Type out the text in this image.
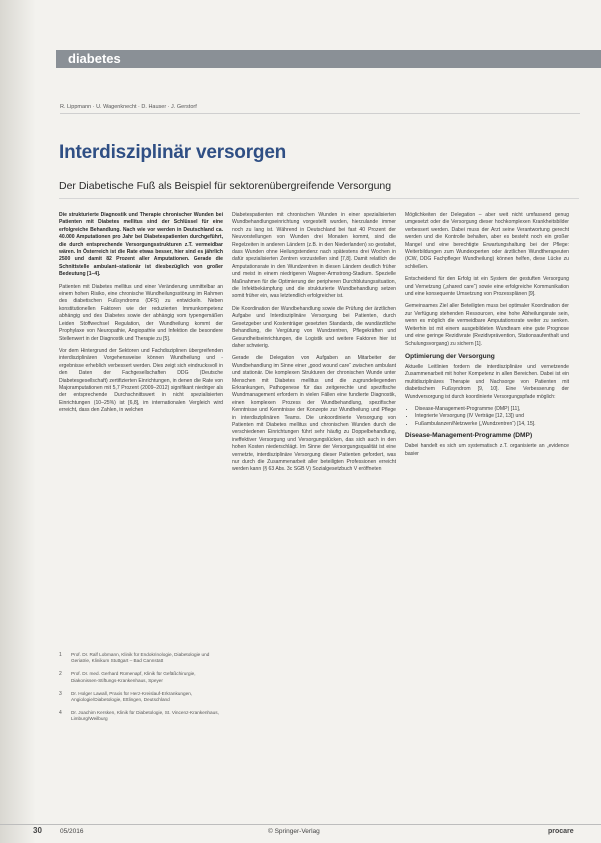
diabetes
R. Lippmann · U. Wagenknecht · D. Hauser · J. Gerstorf
Interdisziplinär versorgen
Der Diabetische Fuß als Beispiel für sektorenübergreifende Versorgung

Die strukturierte Diagnostik und Therapie chronischer Wunden bei Patienten mit Diabetes mellitus sind der Schlüssel für eine erfolgreiche Behandlung. Nach wie vor werden in Deutschland ca. 40.000 Amputationen pro Jahr bei Diabetespatienten durchgeführt, die durch entsprechende Versorgungsstrukturen z.T. vermeidbar wären. In Österreich ist die Rate etwas besser, hier sind es jährlich 2500 und damit 82 Prozent aller Amputationen. Gerade die Schnittstelle ambulant–stationär ist diesbezüglich von großer Bedeutung [1–4].

Patienten mit Diabetes mellitus und einer Veränderung unmittelbar an einem hohen Risiko, eine chronische Wundheilungsstörung im Rahmen des diabetischen Fußsyndroms (DFS) zu entwickeln. Neben konstitutionellen Faktoren wie der reduzierten Immunkompetenz abhängig und des Diabetes sowie der abhängig vom typengemäßen Leiden Stoffwechsel Regulation, der Wundheilung kommt der Prophylaxe von Neuropathie, Angiopathie und Infektion die besondere Stellenwert in der Diagnostik und Therapie zu [5].

Vor dem Hintergrund der Sektoren und Fachdisziplinen übergreifenden interdisziplinären Vorgehensweise können Wundheilung und -ergebnisse erheblich verbessert werden. Dies zeigt sich eindrucksvoll in den Daten der Fachgesellschaften DDG (Deutsche Diabetesgesellschaft) zertifizierten Einrichtungen, in denen die Rate von Majoramputationen mit 5,7 Prozent (2009–2012) signifikant niedriger als der entsprechende Durchschnittswert in nicht spezialisierten Einrichtungen (10–25%) ist [6,8], im internationalen Vergleich wird erreicht, dass den Zahlen, in welchen

Diabetespatienten mit chronischen Wunden in einer spezialisierten Wundbehandlungseinrichtung vorgestellt wurden, hierzulande immer noch zu lang ist. Während in Deutschland bei fast 40 Prozent der Neuvorstellungen von Wunden drei Monaten kommt, sind die Regelzeiten in anderen Ländern (z.B. in den Niederlanden) so gestaltet, dass Wunden ohne Heilungstendenz nach spätestens drei Wochen in dafür spezialisierten Zentren vorzustellen sind [7,8]. Damit relatlich die Amputationsrate in den Wundzentren in diesen Ländern deutlich früher und meist in einem niedrigeren Wagner-Armstrong-Stadium. Spezielle Maßnahmen für die Optimierung der peripheren Durchblutungssituation, die Infektbekämpfung und die strukturierte Wundbehandlung setzen somit früher ein, was letztendlich erfolgreicher ist.

Die Koordination der Wundbehandlung sowie die Prüfung der ärztlichen Aufgabe und Interdisziplinäre Versorgung bei Patienten, durch Gesetzgeber und Kostenträger gesetzten Standards, die wundärztliche Behandlung, die Vergütung von Wundzentren, Pflegekräften und Gesundheitseinrichtungen, die Logistik und weitere Faktoren hier ist daher schwierig.

Gerade die Delegation von Aufgaben an Mitarbeiter der Wundbehandlung im Sinne einer „good wound care“ zwischen ambulant und stationär. Die komplexen Strukturen der chronischen Wunde unter Menschen mit Diabetes mellitus und die zugrundeliegenden Erkrankungen, Pathogenese für das zeitgerechte und spezifische Wundmanagement erfordern in vielen Fällen eine fundierte Diagnostik, einen komplexen Prozess der Wundbehandlung, spezifischer Kenntnisse und Kenntnisse der Konzepte zur Wundheilung und Pflege in interdisziplinären Teams. Die unkoordinierte Versorgung von Patienten mit Diabetes mellitus und chronischen Wunden durch die verschiedenen Einrichtungen führt sehr häufig zu Doppelbehandlung, ineffektiver Versorgung und Versorgungslücken, das sich auch in den hohen Kosten niederschlägt. Im Sinne der Versorgungsqualität ist eine vernetzte, interdisziplinäre Versorgung dieser Patienten gefordert, was nur durch die Zusammenarbeit aller beteiligten Professionen erreicht werden kann (§ 63 Abs. 3c SGB V) Sozialgesetzbuch V eröffneten

Möglichkeiten der Delegation – aber weit nicht umfassend genug umgesetzt oder die Versorgung dieser hochkomplexen Krankheitsbilder verbessert werden. Dabei muss der Arzt seine Verantwortung gerecht werden und die Kontrolle behalten, aber es besteht noch ein großer Mangel und eine berechtigte Erwartungshaltung bei der Pflege: Weiterbildungen zum Wundexperten oder ärztlichen Wundtherapeuten (ICW, DDG Fachpfleger Wundheilung) können helfen, diese Lücke zu schließen.

Entscheidend für den Erfolg ist ein System der gestuften Versorgung und Vernetzung („shared care“) sowie eine erfolgreiche Kommunikation und eine konsequente Umsetzung von Prozessplänen [9].

Gemeinsames Ziel aller Beteiligten muss bei optimaler Koordination der zur Verfügung stehenden Ressourcen, eine hohe Abheilungsrate sein, wenn es möglich die vermeidbare Amputationsrate weiter zu senken. Weiterhin ist mit einem ausgebildeten Wundteam eine gute Prognose und eine geringe Rezidivrate (Rezidivprävention, Stationsaufenthalt und Schulungsvorgang) zu sichern [1].

Optimierung der Versorgung

Aktuelle Leitlinien fordern die interdisziplinäre und vernetzende Zusammenarbeit mit hoher Kompetenz in allen Bereichen. Dabei ist ein multidisziplinäres Therapie und Nachsorge von Patienten mit diabetischem Fußsyndrom [9, 10]. Eine Verbesserung der Wundversorgung ist durch koordinierte Versorgungspfade möglich:

• Disease-Management-Programme (DMP) [11],
• Integrierte Versorgung (IV Verträge [12, 13]) und
• Fußambulanzen/Netzwerke („Wundzentren“) [14, 15].
Disease-Management-Programme (DMP)

Dabei handelt es sich um systematisch z.T. organisierte an „evidence basier

1 Prof. Dr. Ralf Lobmann, Klinik für Endokrinologie, Diabetologie und Geriatrie, Klinikum Stuttgart – Bad Cannstatt
2 Prof. Dr. med. Gerhard Rümenapf, Klinik für Gefäßchirurgie, Diakonissen-Stiftungs-Krankenhaus, Speyer
3 Dr. Holger Lawall, Praxis für Herz-Kreislauf-Erkrankungen, Angiologie/Diabetologie, Ettlingen, Deutschland
4 Dr. Joachim Kersken, Klinik für Diabetologie, St. Vincenz-Krankenhaus, Limburg/Weilburg
30	05/2016	© Springer-Verlag	procare
